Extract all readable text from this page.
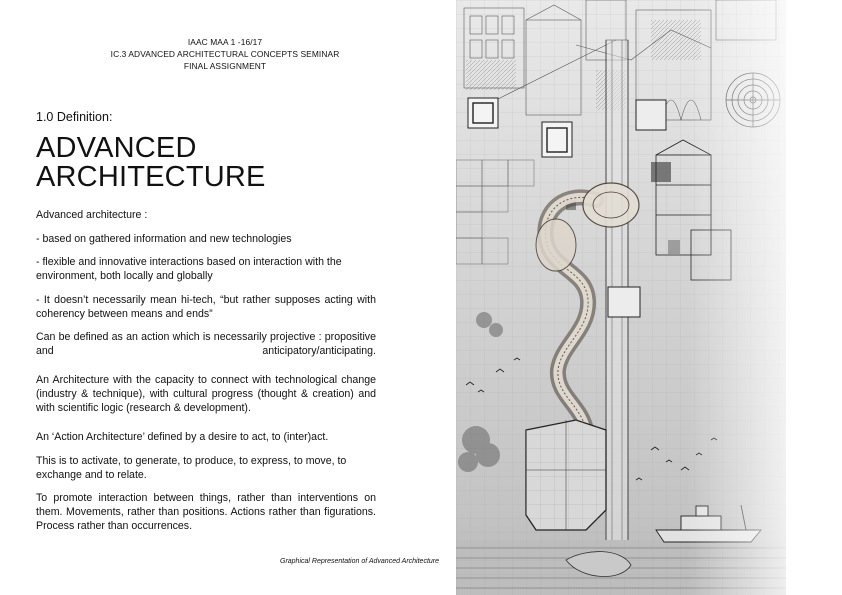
IAAC MAA 1 -16/17
IC.3 ADVANCED ARCHITECTURAL CONCEPTS SEMINAR
FINAL ASSIGNMENT
1.0 Definition:
ADVANCED
ARCHITECTURE

Advanced architecture :

- based on gathered information and new technologies

- flexible and innovative interactions based on interaction with the environment, both locally and globally

- It doesn’t necessarily mean hi-tech, “but rather supposes acting with coherency between means and ends”

Can be defined as an action which is necessarily projective : propositive and anticipatory/anticipating.

An Architecture with the capacity to connect with technological change (industry & technique), with cultural progress (thought & creation) and with scientific logic (research & development).

An ‘Action Architecture’ defined by a desire to act, to (inter)act.

This is to activate, to generate, to produce, to express, to move, to exchange and to relate.

To promote interaction between things, rather than interventions on them. Movements, rather than positions. Actions rather than figurations. Process rather than occurrences.

Graphical Representation of Advanced Architecture
